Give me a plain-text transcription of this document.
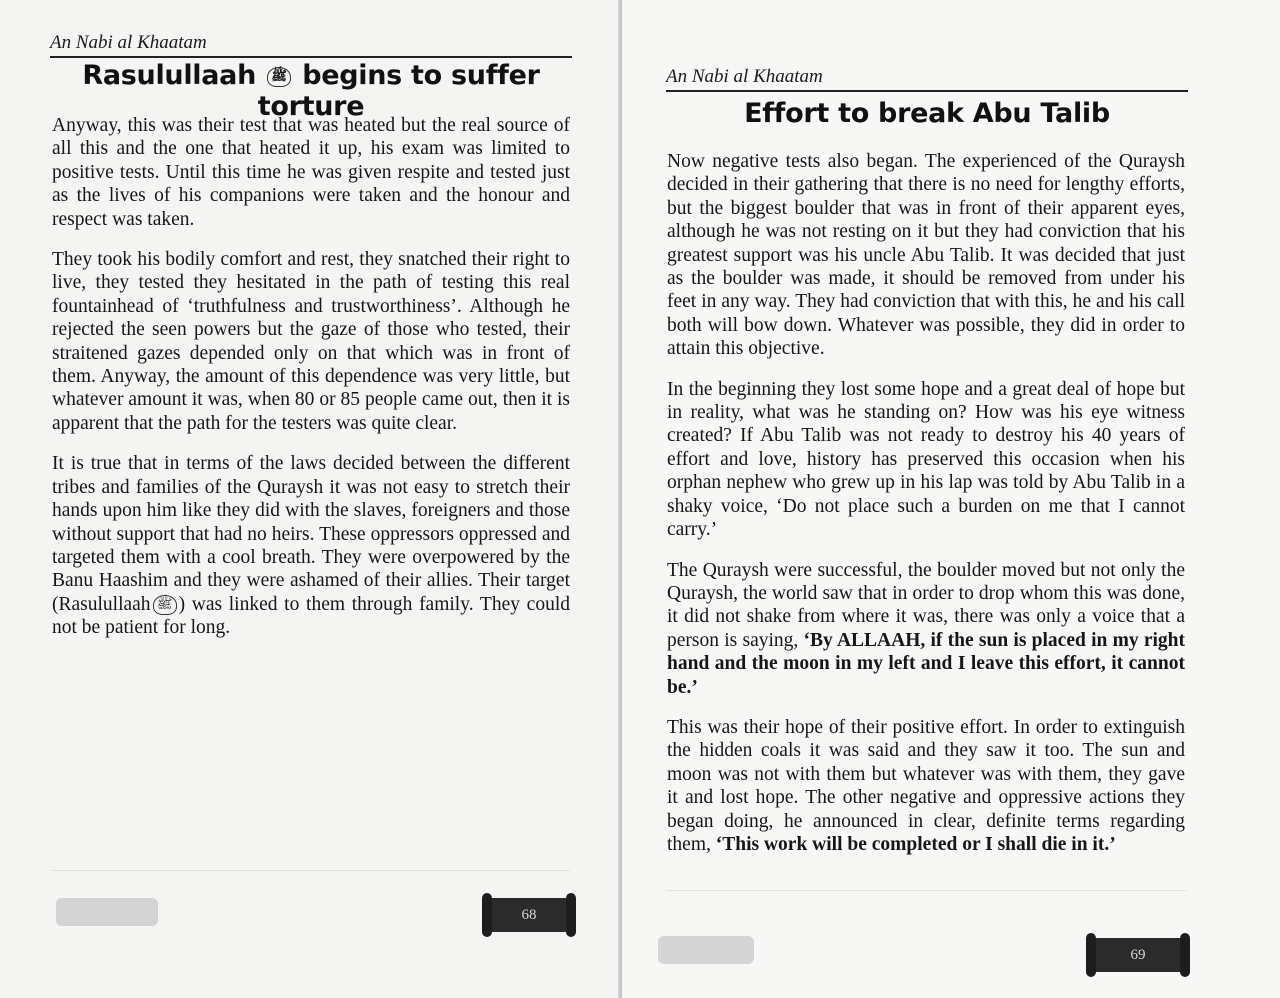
An Nabi al Khaatam
Rasulullaah ﷺ begins to suffer torture

Anyway, this was their test that was heated but the real source of all this and the one that heated it up, his exam was limited to positive tests. Until this time he was given respite and tested just as the lives of his companions were taken and the honour and respect was taken.

They took his bodily comfort and rest, they snatched their right to live, they tested they hesitated in the path of testing this real fountainhead of ‘truthfulness and trustworthiness’. Although he rejected the seen powers but the gaze of those who tested, their straitened gazes depended only on that which was in front of them. Anyway, the amount of this dependence was very little, but whatever amount it was, when 80 or 85 people came out, then it is apparent that the path for the testers was quite clear.

It is true that in terms of the laws decided between the different tribes and families of the Quraysh it was not easy to stretch their hands upon him like they did with the slaves, foreigners and those without support that had no heirs. These oppressors oppressed and targeted them with a cool breath. They were overpowered by the Banu Haashim and they were ashamed of their allies. Their target (Rasulullaah ﷺ ) was linked to them through family. They could not be patient for long.

68
An Nabi al Khaatam
Effort to break Abu Talib

Now negative tests also began. The experienced of the Quraysh decided in their gathering that there is no need for lengthy efforts, but the biggest boulder that was in front of their apparent eyes, although he was not resting on it but they had conviction that his greatest support was his uncle Abu Talib. It was decided that just as the boulder was made, it should be removed from under his feet in any way. They had conviction that with this, he and his call both will bow down. Whatever was possible, they did in order to attain this objective.

In the beginning they lost some hope and a great deal of hope but in reality, what was he standing on? How was his eye witness created? If Abu Talib was not ready to destroy his 40 years of effort and love, history has preserved this occasion when his orphan nephew who grew up in his lap was told by Abu Talib in a shaky voice, ‘Do not place such a burden on me that I cannot carry.’

The Quraysh were successful, the boulder moved but not only the Quraysh, the world saw that in order to drop whom this was done, it did not shake from where it was, there was only a voice that a person is saying, ‘By ALLAAH, if the sun is placed in my right hand and the moon in my left and I leave this effort, it cannot be.’

This was their hope of their positive effort. In order to extinguish the hidden coals it was said and they saw it too. The sun and moon was not with them but whatever was with them, they gave it and lost hope. The other negative and oppressive actions they began doing, he announced in clear, definite terms regarding them, ‘This work will be completed or I shall die in it.’

69
